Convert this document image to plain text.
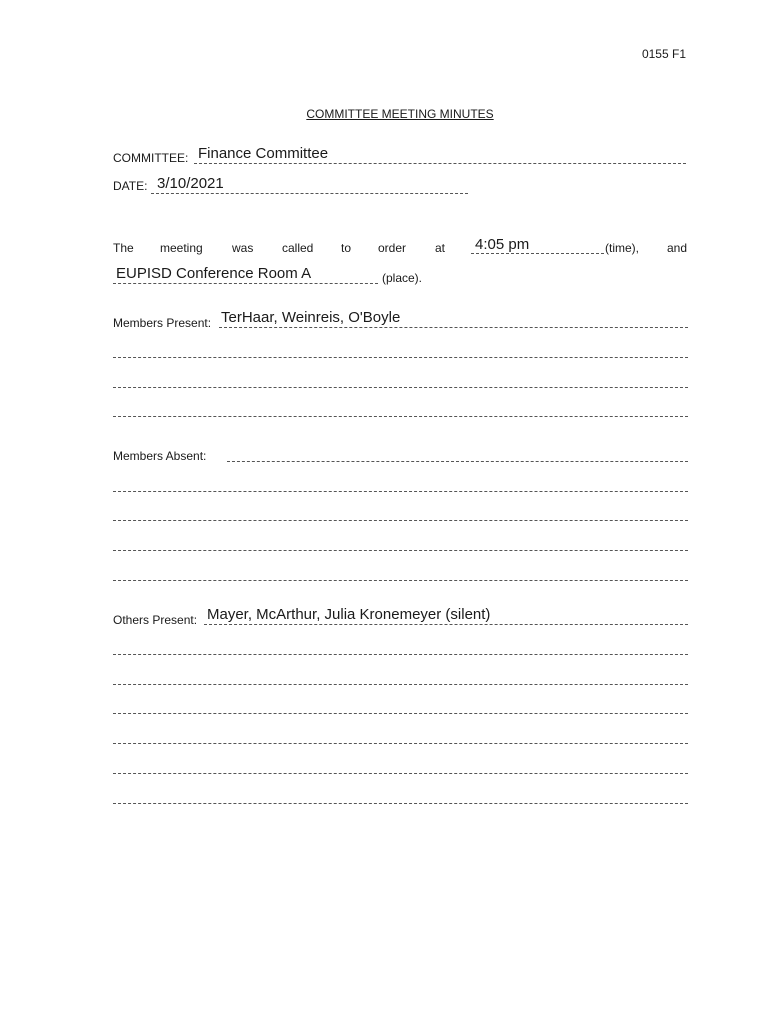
0155 F1
COMMITTEE MEETING MINUTES
COMMITTEE: Finance Committee
DATE: 3/10/2021
The meeting was called to order at	(time), and
4:05 pm
EUPISD Conference Room A	(place).
Members Present: TerHaar, Weinreis, O'Boyle
Members Absent:
Others Present: Mayer, McArthur, Julia Kronemeyer (silent)
